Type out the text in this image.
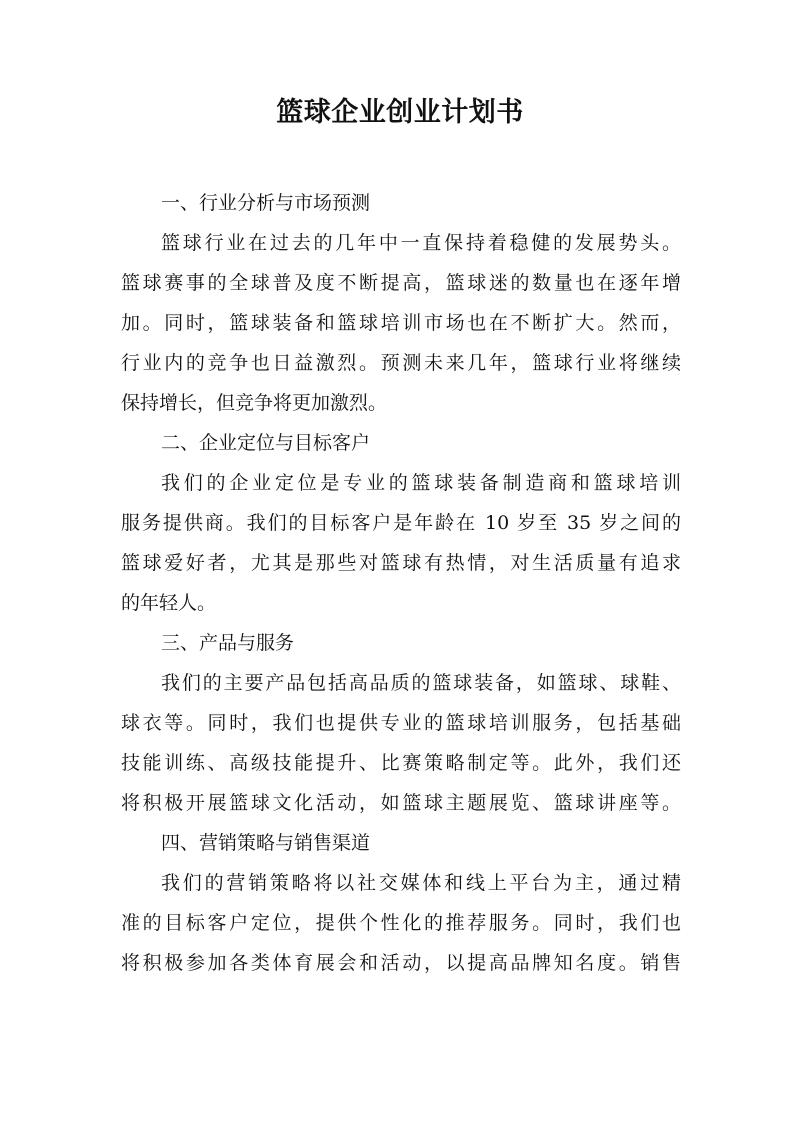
篮球企业创业计划书
一、行业分析与市场预测

篮球行业在过去的几年中一直保持着稳健的发展势头。
篮球赛事的全球普及度不断提高，篮球迷的数量也在逐年增
加。同时，篮球装备和篮球培训市场也在不断扩大。然而，
行业内的竞争也日益激烈。预测未来几年，篮球行业将继续
保持增长，但竞争将更加激烈。

二、企业定位与目标客户

我们的企业定位是专业的篮球装备制造商和篮球培训
服务提供商。我们的目标客户是年龄在 10 岁至 35 岁之间的
篮球爱好者，尤其是那些对篮球有热情，对生活质量有追求
的年轻人。

三、产品与服务

我们的主要产品包括高品质的篮球装备，如篮球、球鞋、
球衣等。同时，我们也提供专业的篮球培训服务，包括基础
技能训练、高级技能提升、比赛策略制定等。此外，我们还
将积极开展篮球文化活动，如篮球主题展览、篮球讲座等。

四、营销策略与销售渠道

我们的营销策略将以社交媒体和线上平台为主，通过精
准的目标客户定位，提供个性化的推荐服务。同时，我们也
将积极参加各类体育展会和活动，以提高品牌知名度。销售
